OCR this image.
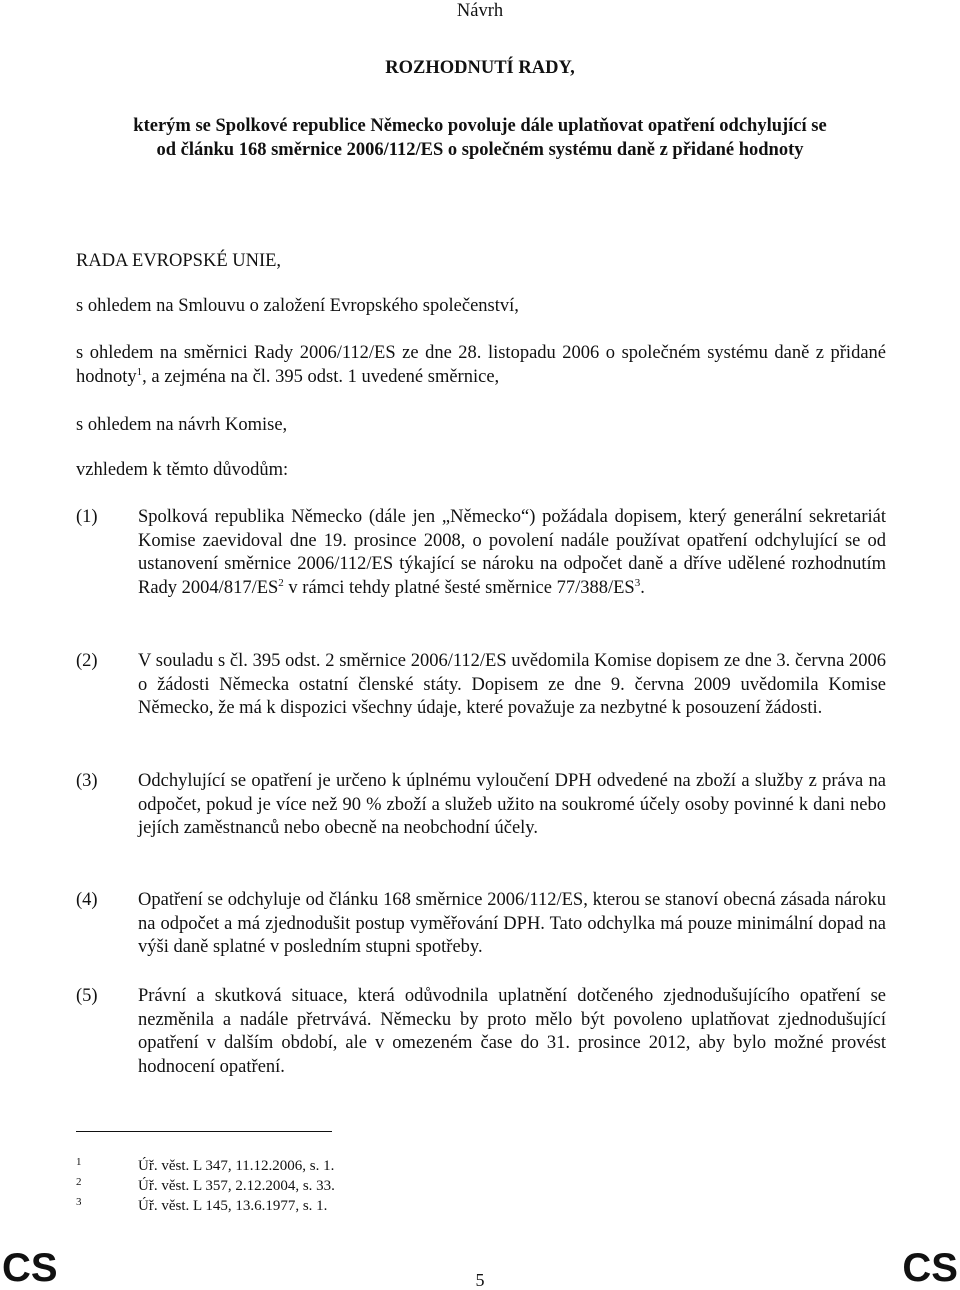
Návrh
ROZHODNUTÍ RADY,
kterým se Spolkové republice Německo povoluje dále uplatňovat opatření odchylující se
od článku 168 směrnice 2006/112/ES o společném systému daně z přidané hodnoty
RADA EVROPSKÉ UNIE,
s ohledem na Smlouvu o založení Evropského společenství,
s ohledem na směrnici Rady 2006/112/ES ze dne 28. listopadu 2006 o společném systému daně z přidané hodnoty$^1$, a zejména na čl. 395 odst. 1 uvedené směrnice,
s ohledem na návrh Komise,
vzhledem k těmto důvodům:
(1) Spolková republika Německo (dále jen „Německo“) požádala dopisem, který generální sekretariát Komise zaevidoval dne 19. prosince 2008, o povolení nadále používat opatření odchylující se od ustanovení směrnice 2006/112/ES týkající se nároku na odpočet daně a dříve udělené rozhodnutím Rady $2004/817/ES^2$ v rámci tehdy platné šesté směrnice $77/388/ES^3$.
(2) V souladu s čl. 395 odst. 2 směrnice 2006/112/ES uvědomila Komise dopisem ze dne 3. června 2006 o žádosti Německa ostatní členské státy. Dopisem ze dne 9. června 2009 uvědomila Komise Německo, že má k dispozici všechny údaje, které považuje za nezbytné k posouzení žádosti.
(3) Odchylující se opatření je určeno k úplnému vyloučení DPH odvedené na zboží a služby z práva na odpočet, pokud je více než 90 % zboží a služeb užito na soukromé účely osoby povinné k dani nebo jejích zaměstnanců nebo obecně na neobchodní účely.
(4) Opatření se odchyluje od článku 168 směrnice 2006/112/ES, kterou se stanoví obecná zásada nároku na odpočet a má zjednodušit postup vyměřování DPH. Tato odchylka má pouze minimální dopad na výši daně splatné v posledním stupni spotřeby.
(5) Právní a skutková situace, která odůvodnila uplatnění dotčeného zjednodušujícího opatření se nezměnila a nadále přetrvává. Německu by proto mělo být povoleno uplatňovat zjednodušující opatření v dalším období, ale v omezeném čase do 31. prosince 2012, aby bylo možné provést hodnocení opatření.
1	Úř. věst. L 347, 11.12.2006, s. 1.
2	Úř. věst. L 357, 2.12.2004, s. 33.
3	Úř. věst. L 145, 13.6.1977, s. 1.
CS	5	CS
